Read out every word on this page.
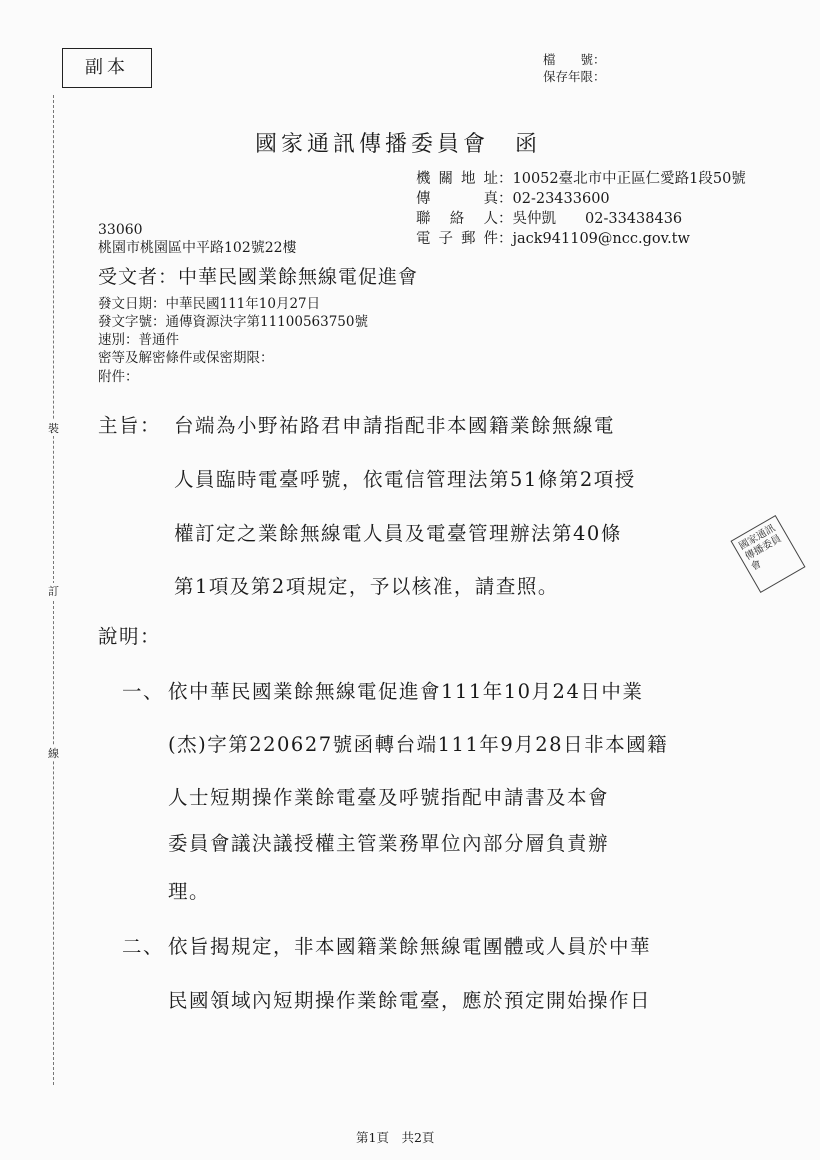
裝
訂
線
副本	檔　　號：
保存年限：
國家通訊傳播委員會　函
機關地址：10052臺北市中正區仁愛路1段50號
傳　　真：02-23433600
聯 絡 人：吳仲凱　　02-33438436
電子郵件：jack941109@ncc.gov.tw
33060
桃園市桃園區中平路102號22樓
受文者：中華民國業餘無線電促進會
發文日期：中華民國111年10月27日
發文字號：通傳資源決字第11100563750號
速別：普通件
密等及解密條件或保密期限：
附件：
主旨： 台端為小野祐路君申請指配非本國籍業餘無線電
人員臨時電臺呼號，依電信管理法第51條第2項授
權訂定之業餘無線電人員及電臺管理辦法第40條
第1項及第2項規定，予以核准，請查照。
國家通訊傳播委員會
說明：
一、 依中華民國業餘無線電促進會111年10月24日中業
(杰)字第220627號函轉台端111年9月28日非本國籍
人士短期操作業餘電臺及呼號指配申請書及本會
委員會議決議授權主管業務單位內部分層負責辦
理。
二、 依旨揭規定，非本國籍業餘無線電團體或人員於中華
民國領域內短期操作業餘電臺，應於預定開始操作日
第1頁　共2頁
